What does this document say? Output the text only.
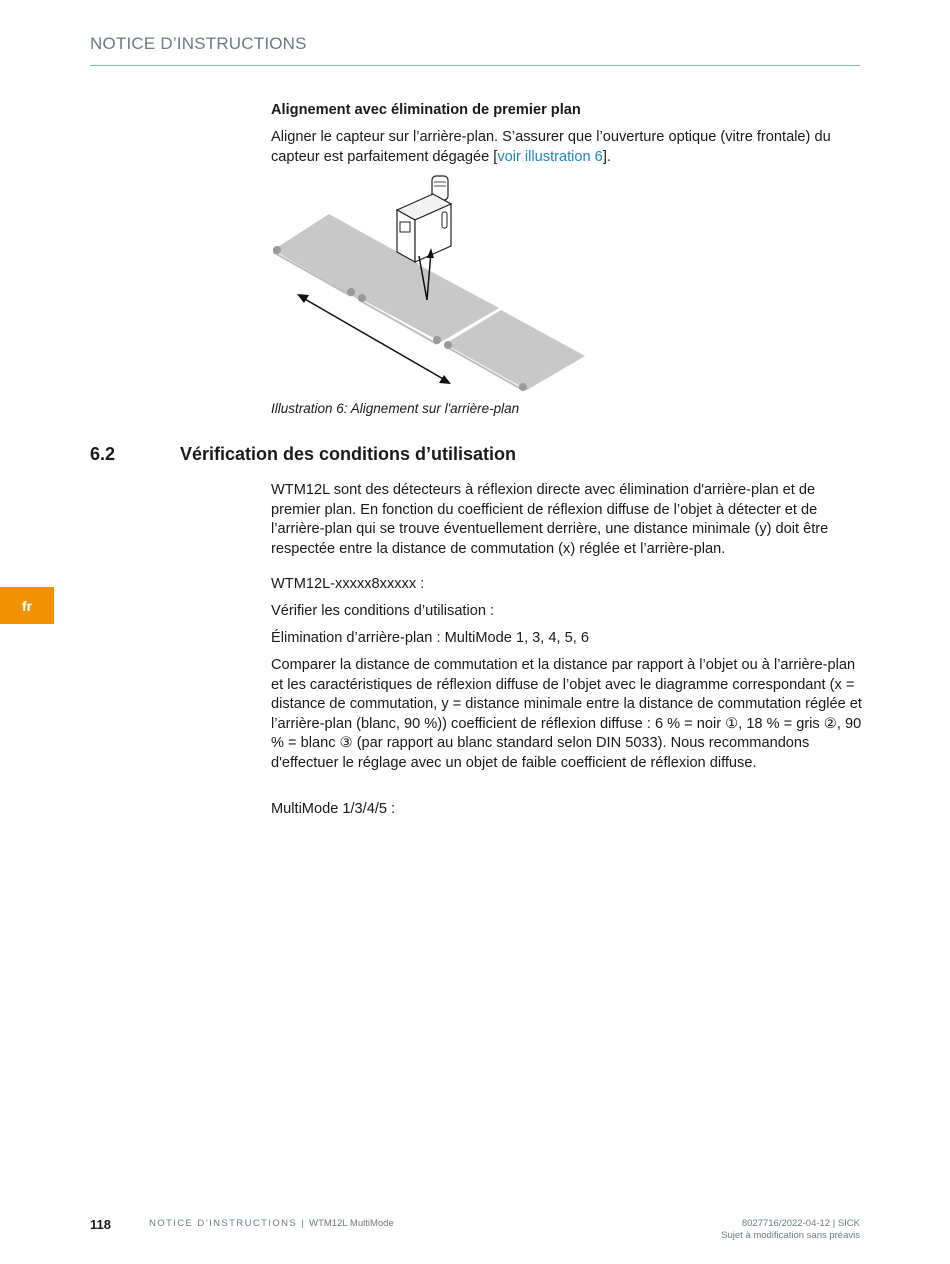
NOTICE D’INSTRUCTIONS
Alignement avec élimination de premier plan
Aligner le capteur sur l’arrière-plan. S’assurer que l’ouverture optique (vitre frontale) du capteur est parfaitement dégagée [voir illustration 6].
Illustration 6: Alignement sur l'arrière-plan
6.2	Vérification des conditions d’utilisation
WTM12L sont des détecteurs à réflexion directe avec élimination d'arrière-plan et de premier plan. En fonction du coefficient de réflexion diffuse de l’objet à détecter et de l’arrière-plan qui se trouve éventuellement derrière, une distance minimale (y) doit être respectée entre la distance de commutation (x) réglée et l’arrière-plan.
WTM12L-xxxxx8xxxxx :
Vérifier les conditions d’utilisation :
Élimination d’arrière-plan : MultiMode 1, 3, 4, 5, 6
Comparer la distance de commutation et la distance par rapport à l’objet ou à l’arrière-plan et les caractéristiques de réflexion diffuse de l’objet avec le diagramme correspondant (x = distance de commutation, y = distance minimale entre la distance de commutation réglée et l’arrière-plan (blanc, 90 %)) coefficient de réflexion diffuse : 6 % = noir ①, 18 % = gris ②, 90 % = blanc ③ (par rapport au blanc standard selon DIN 5033). Nous recommandons d'effectuer le réglage avec un objet de faible coefficient de réflexion diffuse.
MultiMode 1/3/4/5 :
fr
118	NOTICE D’INSTRUCTIONS | WTM12L MultiMode	8027716/2022-04-12 | SICK
Sujet à modification sans préavis
